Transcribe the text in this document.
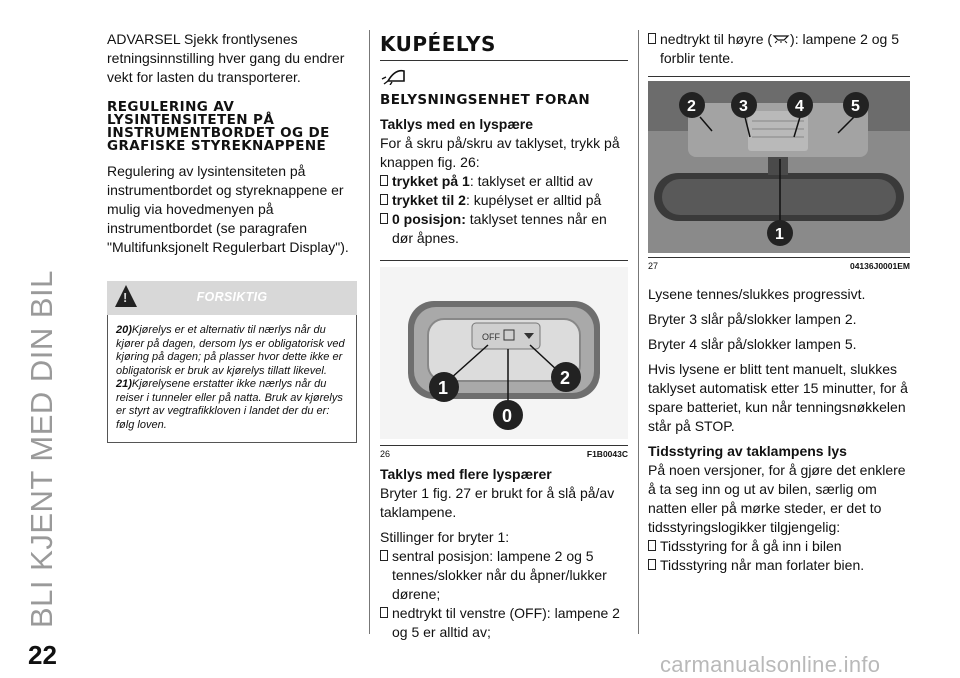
BLI KJENT MED DIN BIL
22	carmanualsonline.info

ADVARSEL Sjekk frontlysenes retningsinnstilling hver gang du endrer vekt for lasten du transporterer.

REGULERING AV LYSINTENSITETEN PÅ INSTRUMENTBORDET OG DE GRAFISKE STYREKNAPPENE

Regulering av lysintensiteten på instrumentbordet og styreknappene er mulig via hovedmenyen på instrumentbordet (se paragrafen "Multifunksjonelt Regulerbart Display").

!
FORSIKTIG
20)Kjørelys er et alternativ til nærlys når du kjører på dagen, dersom lys er obligatorisk ved kjøring på dagen; på plasser hvor dette ikke er obligatorisk er bruk av kjørelys tillatt likevel.
21)Kjørelysene erstatter ikke nærlys når du reiser i tunneler eller på natta. Bruk av kjørelys er styrt av vegtrafikkloven i landet der du er: følg loven.
KUPÉELYS
BELYSNINGSENHET FORAN
Taklys med en lyspære

For å skru på/skru av taklyset, trykk på knappen fig. 26:

trykket på 1: taklyset er alltid av
trykket til 2: kupélyset er alltid på
0 posisjon: taklyset tennes når en dør åpnes.
OFF
1	2
0
26	F1B0043C
Taklys med flere lyspærer

Bryter 1 fig. 27 er brukt for å slå på/av taklampene.

Stillinger for bryter 1:

sentral posisjon: lampene 2 og 5 tennes/slokker når du åpner/lukker dørene;
nedtrykt til venstre (OFF): lampene 2 og 5 er alltid av;
nedtrykt til høyre ( ): lampene 2 og 5 forblir tente.
2	3	4	5
1
27	04136J0001EM

Lysene tennes/slukkes progressivt.

Bryter 3 slår på/slokker lampen 2.

Bryter 4 slår på/slokker lampen 5.

Hvis lysene er blitt tent manuelt, slukkes taklyset automatisk etter 15 minutter, for å spare batteriet, kun når tenningsnøkkelen står på STOP.

Tidsstyring av taklampens lys

På noen versjoner, for å gjøre det enklere å ta seg inn og ut av bilen, særlig om natten eller på mørke steder, er det to tidsstyringslogikker tilgjengelig:

Tidsstyring for å gå inn i bilen
Tidsstyring når man forlater bien.
